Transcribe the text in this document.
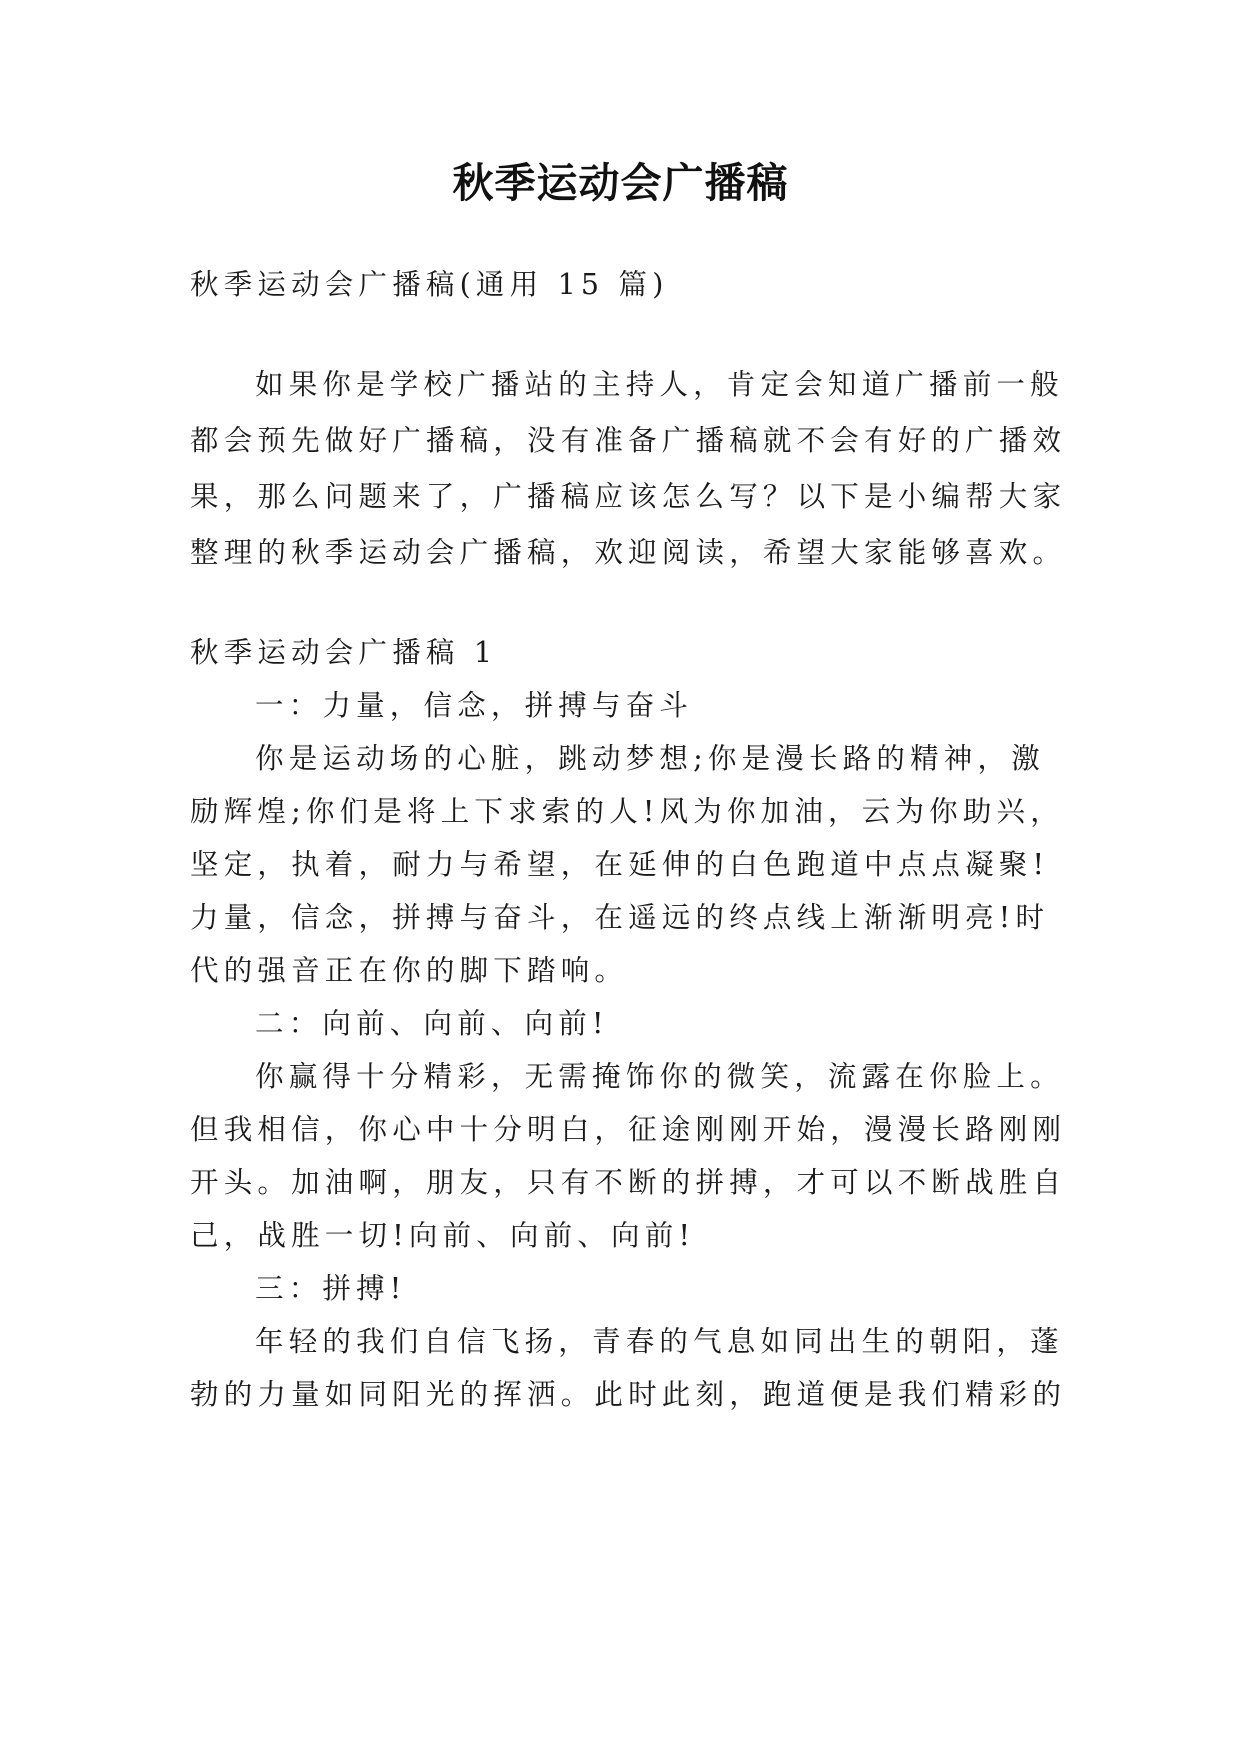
秋季运动会广播稿
秋季运动会广播稿(通用 15 篇)
如果你是学校广播站的主持人，肯定会知道广播前一般
都会预先做好广播稿，没有准备广播稿就不会有好的广播效
果，那么问题来了，广播稿应该怎么写？以下是小编帮大家
整理的秋季运动会广播稿，欢迎阅读，希望大家能够喜欢。
秋季运动会广播稿 1
一：力量，信念，拼搏与奋斗
你是运动场的心脏，跳动梦想;你是漫长路的精神，激
励辉煌;你们是将上下求索的人!风为你加油，云为你助兴，
坚定，执着，耐力与希望，在延伸的白色跑道中点点凝聚!
力量，信念，拼搏与奋斗，在遥远的终点线上渐渐明亮!时
代的强音正在你的脚下踏响。
二：向前、向前、向前!
你赢得十分精彩，无需掩饰你的微笑，流露在你脸上。
但我相信，你心中十分明白，征途刚刚开始，漫漫长路刚刚
开头。加油啊，朋友，只有不断的拼搏，才可以不断战胜自
己，战胜一切!向前、向前、向前!
三：拼搏!
年轻的我们自信飞扬，青春的气息如同出生的朝阳，蓬
勃的力量如同阳光的挥洒。此时此刻，跑道便是我们精彩的
